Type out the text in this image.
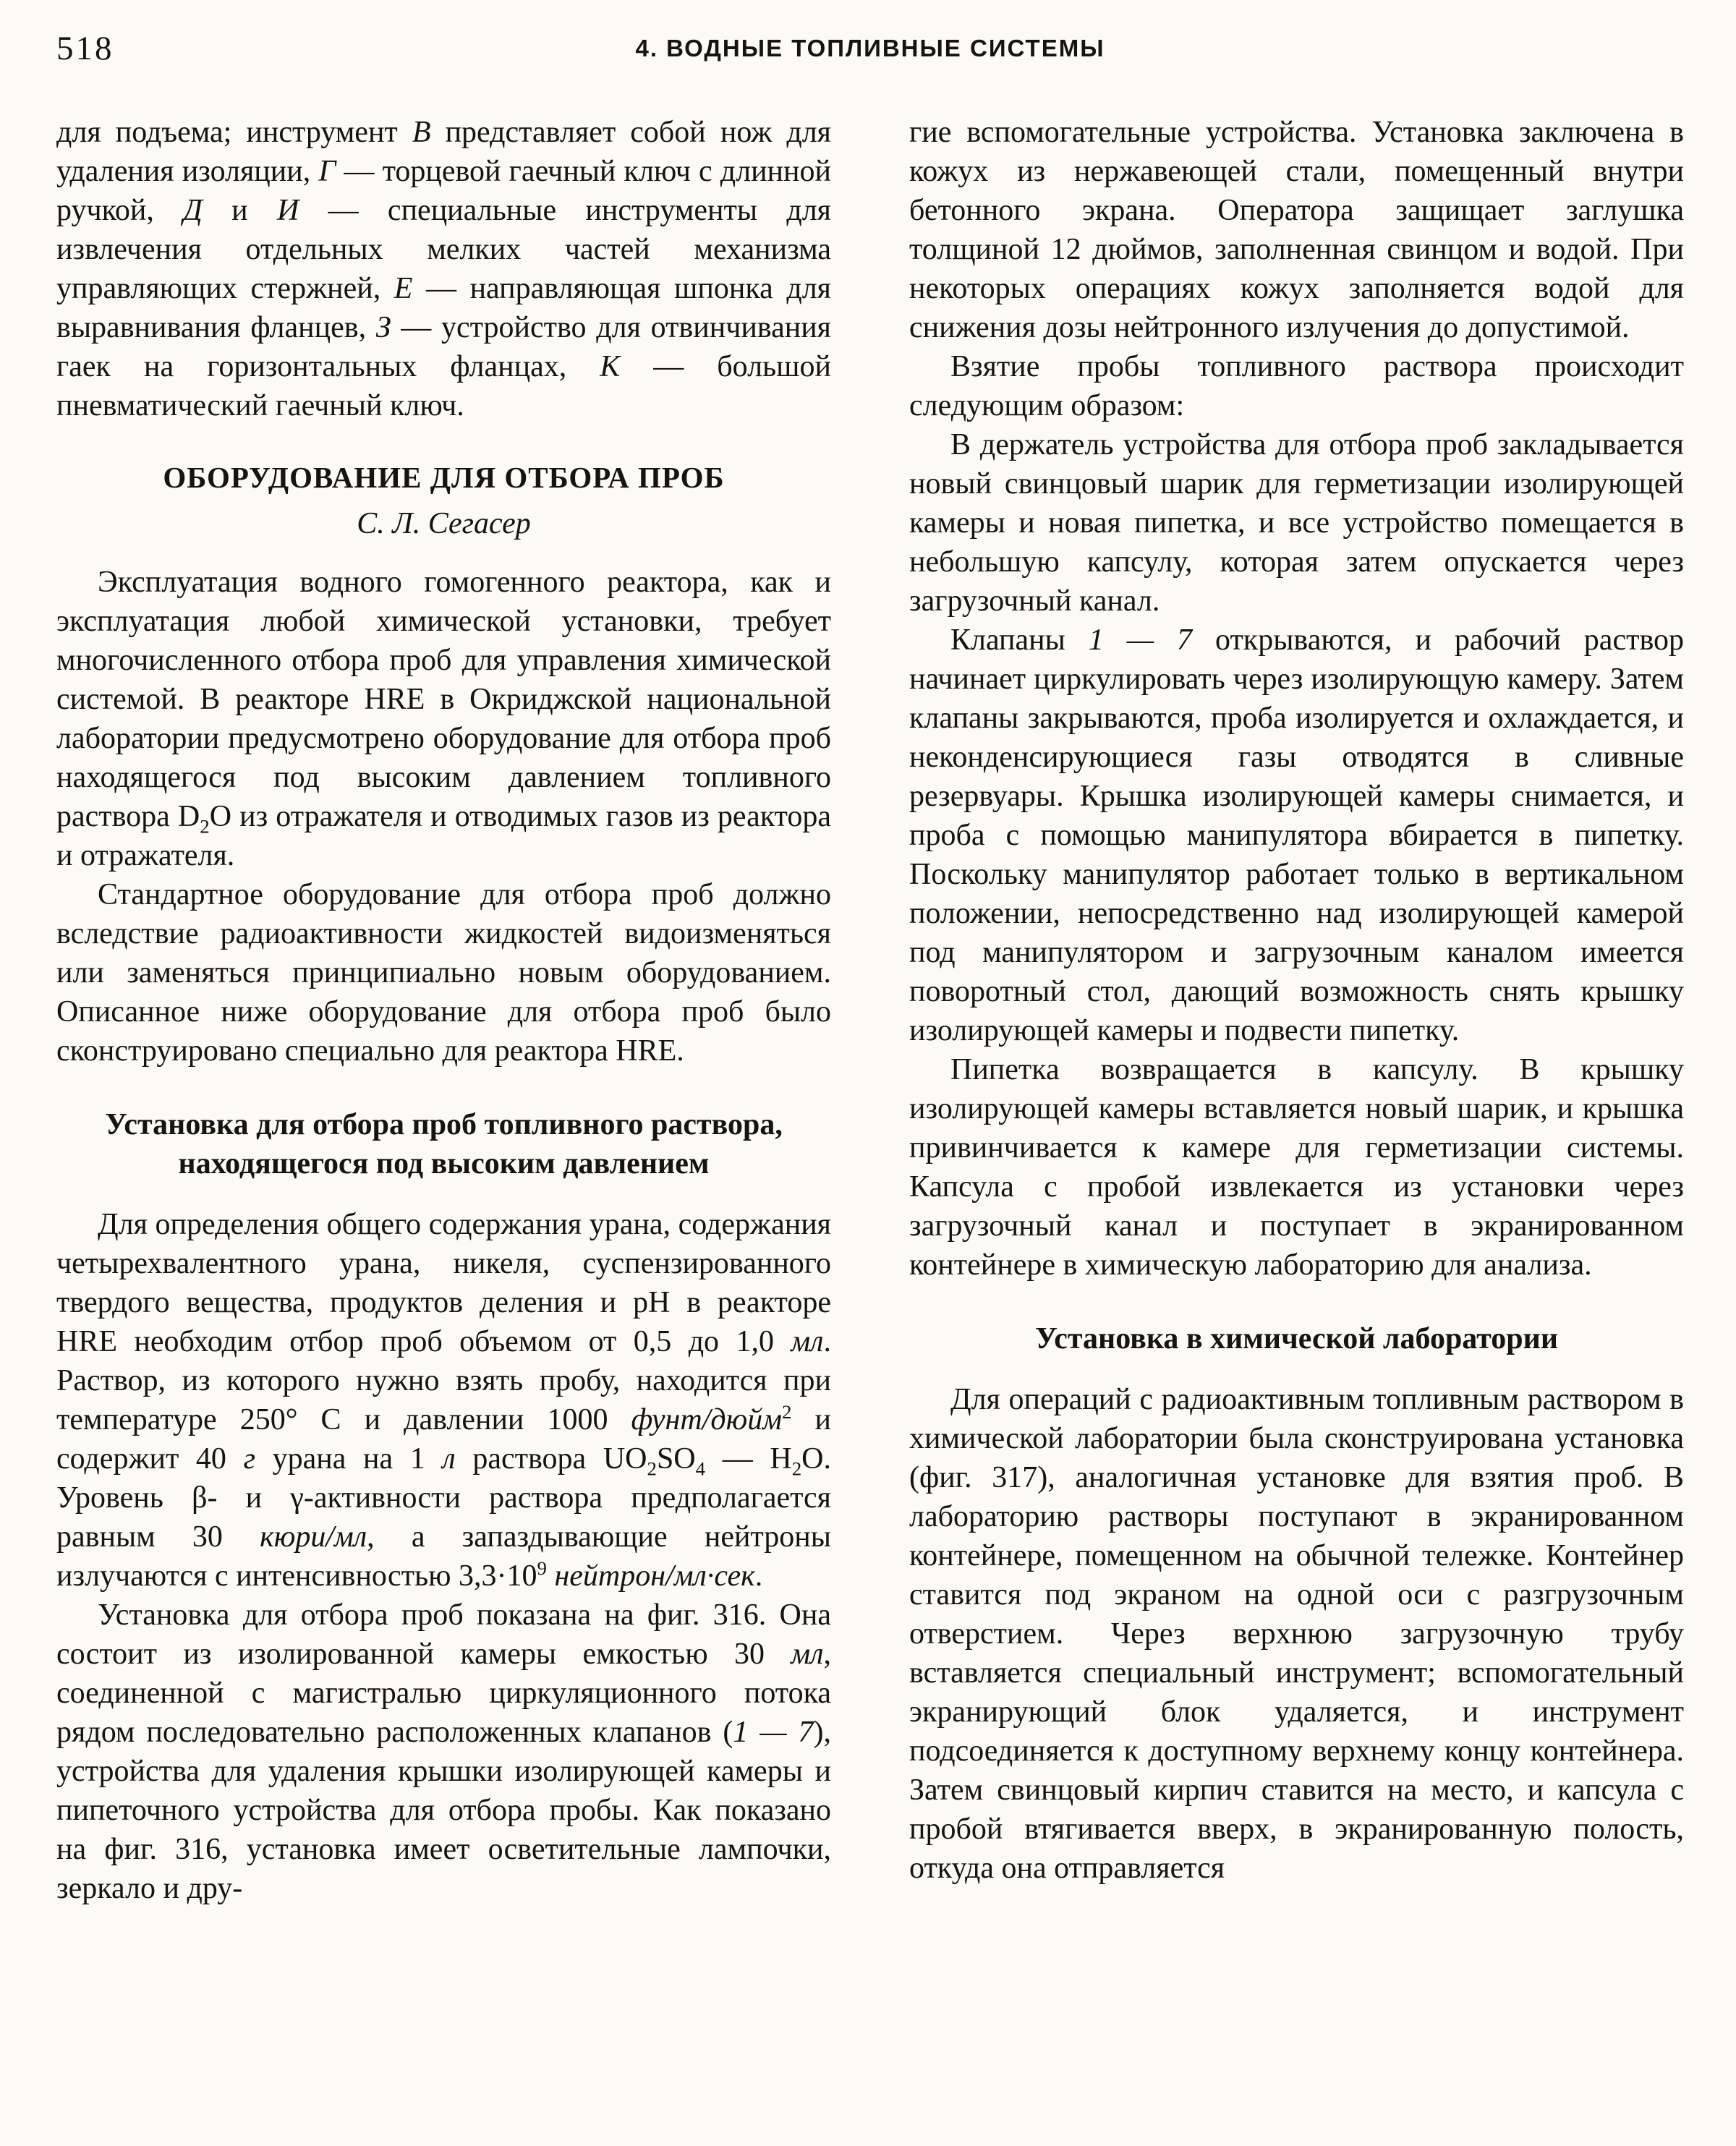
518	4. ВОДНЫЕ ТОПЛИВНЫЕ СИСТЕМЫ

для подъема; инструмент В представляет собой нож для удаления изоляции, Г — торцевой гаечный ключ с длинной ручкой, Д и И — специальные инструменты для извлечения отдельных мелких частей механизма управляющих стержней, Е — направляющая шпонка для выравнивания фланцев, З — устройство для отвинчивания гаек на горизонтальных фланцах, К — большой пневматический гаечный ключ.

ОБОРУДОВАНИЕ ДЛЯ ОТБОРА ПРОБ
С. Л. Сегасер

Эксплуатация водного гомогенного реактора, как и эксплуатация любой химической установки, требует многочисленного отбора проб для управления химической системой. В реакторе HRE в Окриджской национальной лаборатории предусмотрено оборудование для отбора проб находящегося под высоким давлением топливного раствора $D_2O$ из отражателя и отводимых газов из реактора и отражателя.

Стандартное оборудование для отбора проб должно вследствие радиоактивности жидкостей видоизменяться или заменяться принципиально новым оборудованием. Описанное ниже оборудование для отбора проб было сконструировано специально для реактора HRE.

Установка для отбора проб топливного раствора, находящегося под высоким давлением

Для определения общего содержания урана, содержания четырехвалентного урана, никеля, суспензированного твердого вещества, продуктов деления и pH в реакторе HRE необходим отбор проб объемом от 0,5 до 1,0 мл. Раствор, из которого нужно взять пробу, находится при температуре 250° С и давлении 1000 фунт/дюйм$^2$ и содержит 40 г урана на 1 л раствора $UO_2SO_4$ — $H_2O$. Уровень β- и γ-активности раствора предполагается равным 30 кюри/мл, а запаздывающие нейтроны излучаются с интенсивностью $3,3\cdot 10^9$ нейтрон/мл·сек.

Установка для отбора проб показана на фиг. 316. Она состоит из изолированной камеры емкостью 30 мл, соединенной с магистралью циркуляционного потока рядом последовательно расположенных клапанов (1 — 7), устройства для удаления крышки изолирующей камеры и пипеточного устройства для отбора пробы. Как показано на фиг. 316, установка имеет осветительные лампочки, зеркало и дру-

гие вспомогательные устройства. Установка заключена в кожух из нержавеющей стали, помещенный внутри бетонного экрана. Оператора защищает заглушка толщиной 12 дюймов, заполненная свинцом и водой. При некоторых операциях кожух заполняется водой для снижения дозы нейтронного излучения до допустимой.

Взятие пробы топливного раствора происходит следующим образом:

В держатель устройства для отбора проб закладывается новый свинцовый шарик для герметизации изолирующей камеры и новая пипетка, и все устройство помещается в небольшую капсулу, которая затем опускается через загрузочный канал.

Клапаны 1 — 7 открываются, и рабочий раствор начинает циркулировать через изолирующую камеру. Затем клапаны закрываются, проба изолируется и охлаждается, и неконденсирующиеся газы отводятся в сливные резервуары. Крышка изолирующей камеры снимается, и проба с помощью манипулятора вбирается в пипетку. Поскольку манипулятор работает только в вертикальном положении, непосредственно над изолирующей камерой под манипулятором и загрузочным каналом имеется поворотный стол, дающий возможность снять крышку изолирующей камеры и подвести пипетку.

Пипетка возвращается в капсулу. В крышку изолирующей камеры вставляется новый шарик, и крышка привинчивается к камере для герметизации системы. Капсула с пробой извлекается из установки через загрузочный канал и поступает в экранированном контейнере в химическую лабораторию для анализа.

Установка в химической лаборатории

Для операций с радиоактивным топливным раствором в химической лаборатории была сконструирована установка (фиг. 317), аналогичная установке для взятия проб. В лабораторию растворы поступают в экранированном контейнере, помещенном на обычной тележке. Контейнер ставится под экраном на одной оси с разгрузочным отверстием. Через верхнюю загрузочную трубу вставляется специальный инструмент; вспомогательный экранирующий блок удаляется, и инструмент подсоединяется к доступному верхнему концу контейнера. Затем свинцовый кирпич ставится на место, и капсула с пробой втягивается вверх, в экранированную полость, откуда она отправляется
